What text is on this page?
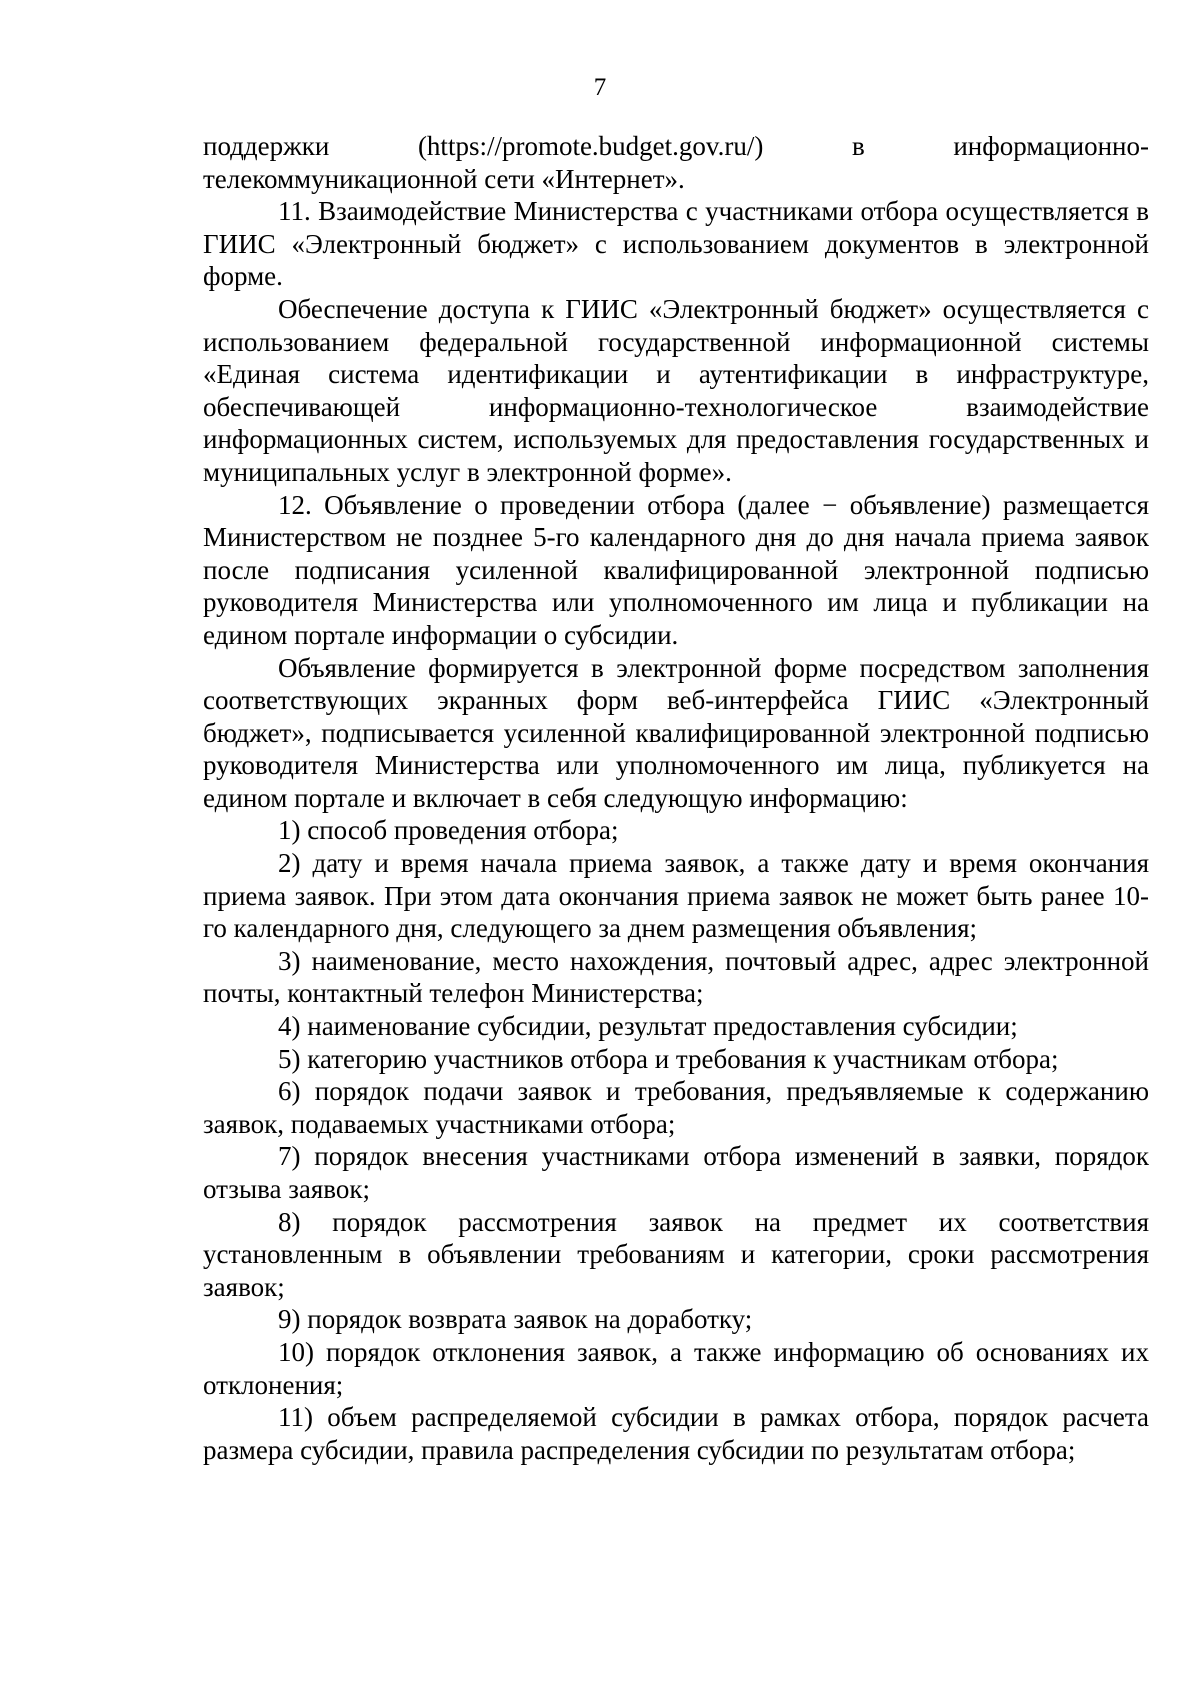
7

поддержки (https://promote.budget.gov.ru/) в информационно-телекоммуникационной сети «Интернет».

11. Взаимодействие Министерства с участниками отбора осуществляется в ГИИС «Электронный бюджет» с использованием документов в электронной форме.

Обеспечение доступа к ГИИС «Электронный бюджет» осуществляется с использованием федеральной государственной информационной системы «Единая система идентификации и аутентификации в инфраструктуре, обеспечивающей информационно-технологическое взаимодействие информационных систем, используемых для предоставления государственных и муниципальных услуг в электронной форме».

12. Объявление о проведении отбора (далее − объявление) размещается Министерством не позднее 5-го календарного дня до дня начала приема заявок после подписания усиленной квалифицированной электронной подписью руководителя Министерства или уполномоченного им лица и публикации на едином портале информации о субсидии.

Объявление формируется в электронной форме посредством заполнения соответствующих экранных форм веб-интерфейса ГИИС «Электронный бюджет», подписывается усиленной квалифицированной электронной подписью руководителя Министерства или уполномоченного им лица, публикуется на едином портале и включает в себя следующую информацию:

1) способ проведения отбора;

2) дату и время начала приема заявок, а также дату и время окончания приема заявок. При этом дата окончания приема заявок не может быть ранее 10-го календарного дня, следующего за днем размещения объявления;

3) наименование, место нахождения, почтовый адрес, адрес электронной почты, контактный телефон Министерства;

4) наименование субсидии, результат предоставления субсидии;

5) категорию участников отбора и требования к участникам отбора;

6) порядок подачи заявок и требования, предъявляемые к содержанию заявок, подаваемых участниками отбора;

7) порядок внесения участниками отбора изменений в заявки, порядок отзыва заявок;

8) порядок рассмотрения заявок на предмет их соответствия установленным в объявлении требованиям и категории, сроки рассмотрения заявок;

9) порядок возврата заявок на доработку;

10) порядок отклонения заявок, а также информацию об основаниях их отклонения;

11) объем распределяемой субсидии в рамках отбора, порядок расчета размера субсидии, правила распределения субсидии по результатам отбора;
